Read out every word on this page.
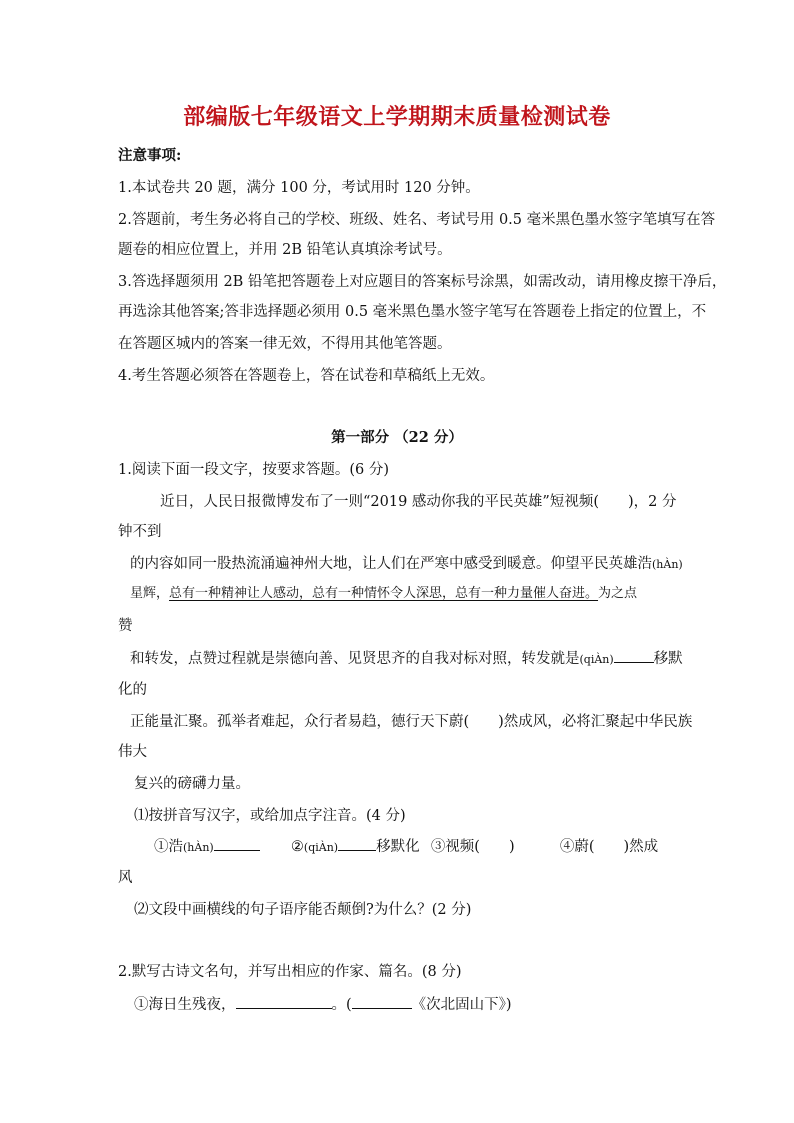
部编版七年级语文上学期期末质量检测试卷
注意事项:
1.本试卷共 20 题，满分 100 分，考试用时 120 分钟。
2.答题前，考生务必将自己的学校、班级、姓名、考试号用 0.5 毫米黑色墨水签字笔填写在答
题卷的相应位置上，并用 2B 铅笔认真填涂考试号。
3.答选择题须用 2B 铅笔把答题卷上对应题目的答案标号涂黑，如需改动，请用橡皮擦干净后，
再选涂其他答案;答非选择题必须用 0.5 毫米黑色墨水签字笔写在答题卷上指定的位置上，不
在答题区城内的答案一律无效，不得用其他笔答题。
4.考生答题必须答在答题卷上，答在试卷和草稿纸上无效。
第一部分 （22 分）
1.阅读下面一段文字，按要求答题。(6 分)
近日，人民日报微博发布了一则“2019 感动你我的平民英雄”短视频(　　)，2 分
钟不到
的内容如同一股热流涌遍神州大地，让人们在严寒中感受到暖意。仰望平民英雄浩(hÀn)
星辉，总有一种精神让人感动，总有一种情怀令人深思，总有一种力量催人奋进。为之点
赞
和转发，点赞过程就是崇德向善、见贤思齐的自我对标对照，转发就是(qiÀn)	移默
化的
正能量汇聚。孤举者难起，众行者易趋，德行天下蔚(　　)然成风，必将汇聚起中华民族
伟大
复兴的磅礴力量。
⑴按拼音写汉字，或给加点字注音。(4 分)
①浩(hÀn)	②(qiÀn)	移默化 ③视频(　　)	④蔚(　　)然成
风
⑵文段中画横线的句子语序能否颠倒?为什么？(2 分)
2.默写古诗文名句，并写出相应的作家、篇名。(8 分)
①海日生残夜，	。(	《次北固山下》)
